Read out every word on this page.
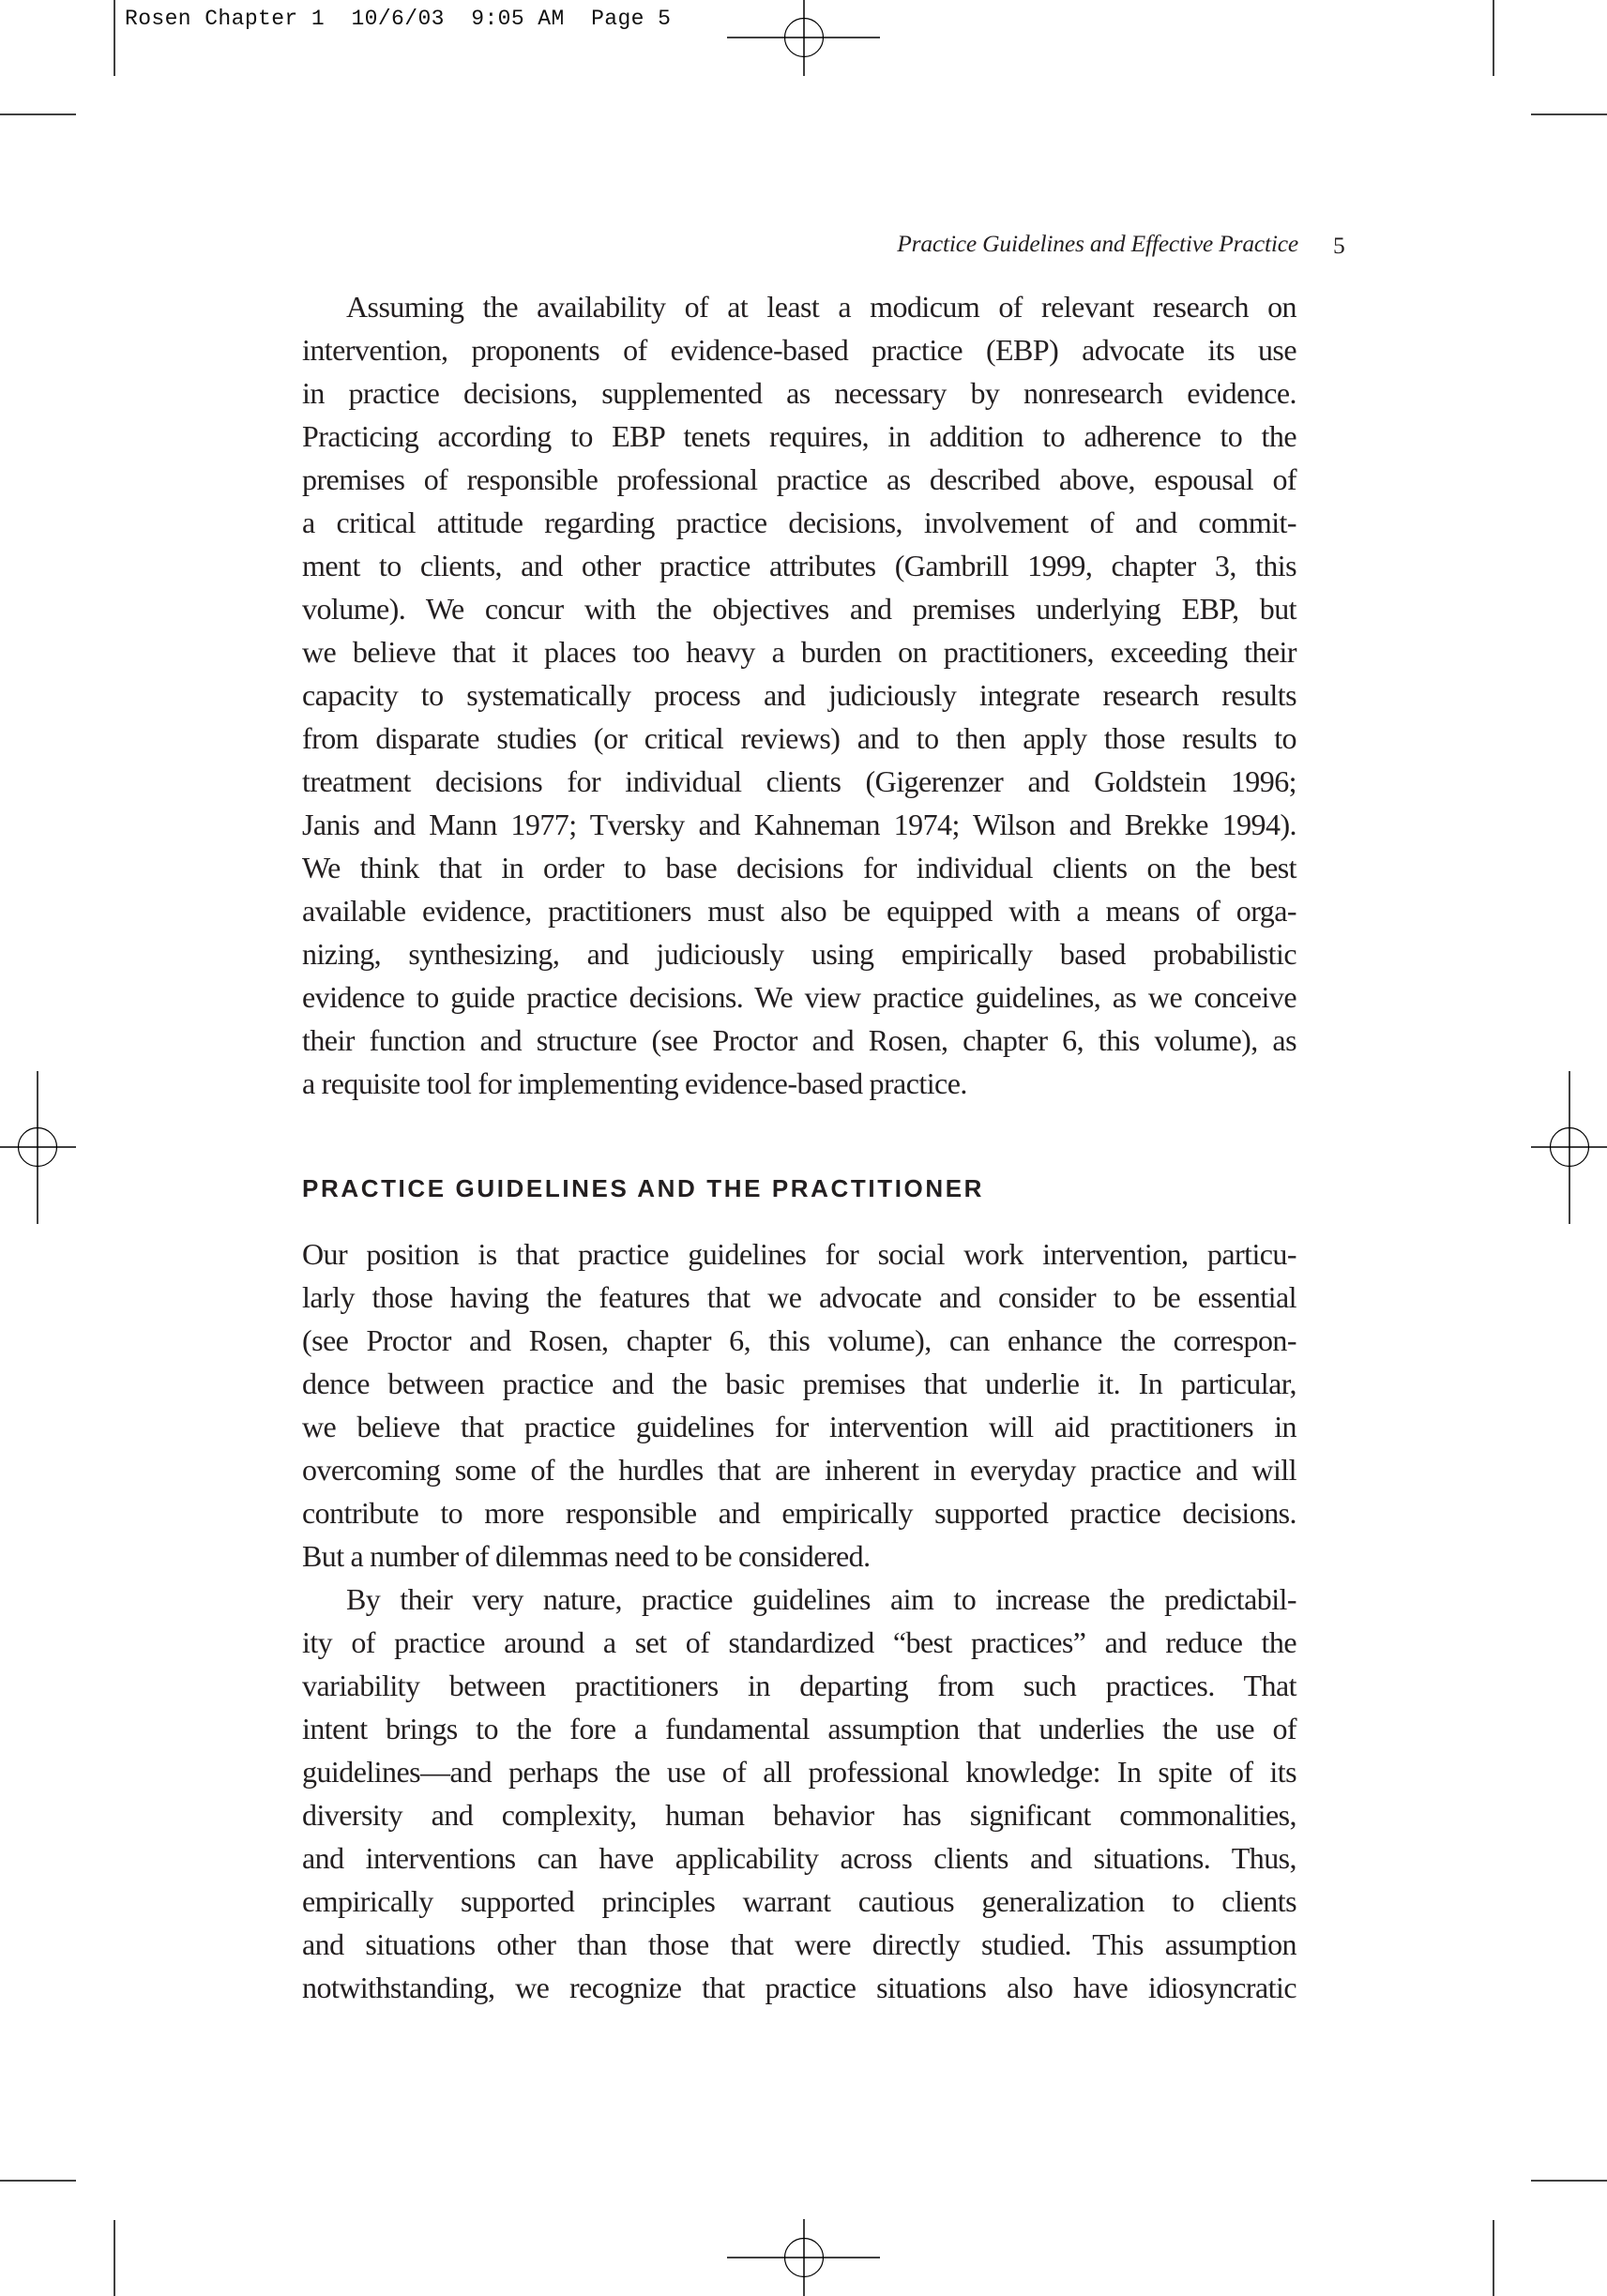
Rosen Chapter 1  10/6/03  9:05 AM  Page 5
Practice Guidelines and Effective Practice 5
Assuming the availability of at least a modicum of relevant research on
intervention, proponents of evidence-based practice (EBP) advocate its use
in practice decisions, supplemented as necessary by nonresearch evidence.
Practicing according to EBP tenets requires, in addition to adherence to the
premises of responsible professional practice as described above, espousal of
a critical attitude regarding practice decisions, involvement of and commit-
ment to clients, and other practice attributes (Gambrill 1999, chapter 3, this
volume). We concur with the objectives and premises underlying EBP, but
we believe that it places too heavy a burden on practitioners, exceeding their
capacity to systematically process and judiciously integrate research results
from disparate studies (or critical reviews) and to then apply those results to
treatment decisions for individual clients (Gigerenzer and Goldstein 1996;
Janis and Mann 1977; Tversky and Kahneman 1974; Wilson and Brekke 1994).
We think that in order to base decisions for individual clients on the best
available evidence, practitioners must also be equipped with a means of orga-
nizing, synthesizing, and judiciously using empirically based probabilistic
evidence to guide practice decisions. We view practice guidelines, as we conceive
their function and structure (see Proctor and Rosen, chapter 6, this volume), as
a requisite tool for implementing evidence-based practice.
Our position is that practice guidelines for social work intervention, particu-
larly those having the features that we advocate and consider to be essential
(see Proctor and Rosen, chapter 6, this volume), can enhance the correspon-
dence between practice and the basic premises that underlie it. In particular,
we believe that practice guidelines for intervention will aid practitioners in
overcoming some of the hurdles that are inherent in everyday practice and will
contribute to more responsible and empirically supported practice decisions.
But a number of dilemmas need to be considered.
By their very nature, practice guidelines aim to increase the predictabil-
ity of practice around a set of standardized “best practices” and reduce the
variability between practitioners in departing from such practices. That
intent brings to the fore a fundamental assumption that underlies the use of
guidelines—and perhaps the use of all professional knowledge: In spite of its
diversity and complexity, human behavior has significant commonalities,
and interventions can have applicability across clients and situations. Thus,
empirically supported principles warrant cautious generalization to clients
and situations other than those that were directly studied. This assumption
notwithstanding, we recognize that practice situations also have idiosyncratic
PRACTICE GUIDELINES AND THE PRACTITIONER
